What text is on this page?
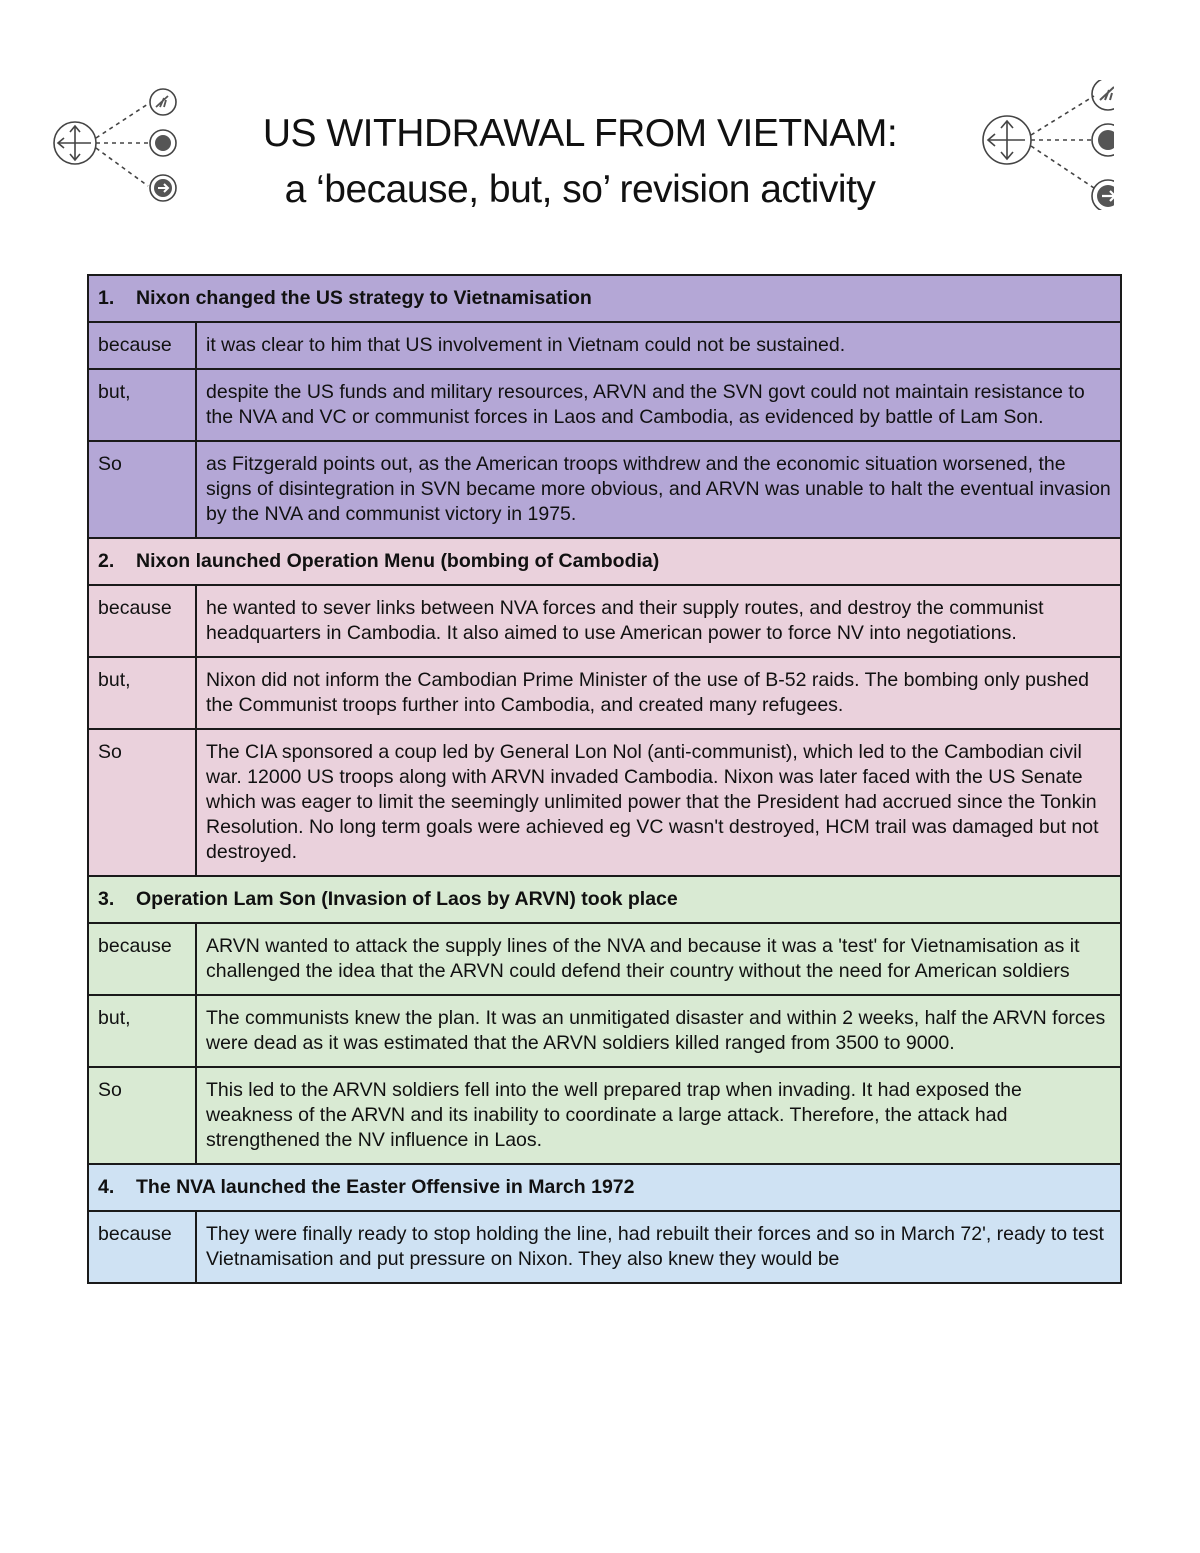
US WITHDRAWAL FROM VIETNAM:
a ‘because, but, so’ revision activity
1. Nixon changed the US strategy to Vietnamisation	
because	it was clear to him that US involvement in Vietnam could not be sustained.
but,	despite the US funds and military resources, ARVN and the SVN govt could not maintain resistance to the NVA and VC or communist forces in Laos and Cambodia, as evidenced by battle of Lam Son.
So	as Fitzgerald points out, as the American troops withdrew and the economic situation worsened, the signs of disintegration in SVN became more obvious, and ARVN was unable to halt the eventual invasion by the NVA and communist victory in 1975.
2. Nixon launched Operation Menu (bombing of Cambodia)	
because	he wanted to sever links between NVA forces and their supply routes, and destroy the communist headquarters in Cambodia. It also aimed to use American power to force NV into negotiations.
but,	Nixon did not inform the Cambodian Prime Minister of the use of B-52 raids. The bombing only pushed the Communist troops further into Cambodia, and created many refugees.
So	The CIA sponsored a coup led by General Lon Nol (anti-communist), which led to the Cambodian civil war. 12000 US troops along with ARVN invaded Cambodia. Nixon was later faced with the US Senate which was eager to limit the seemingly unlimited power that the President had accrued since the Tonkin Resolution. No long term goals were achieved eg VC wasn't destroyed, HCM trail was damaged but not destroyed.
3. Operation Lam Son (Invasion of Laos by ARVN) took place	
because	ARVN wanted to attack the supply lines of the NVA and because it was a 'test' for Vietnamisation as it challenged the idea that the ARVN could defend their country without the need for American soldiers
but,	The communists knew the plan. It was an unmitigated disaster and within 2 weeks, half the ARVN forces were dead as it was estimated that the ARVN soldiers killed ranged from 3500 to 9000.
So	This led to the ARVN soldiers fell into the well prepared trap when invading. It had exposed the weakness of the ARVN and its inability to coordinate a large attack. Therefore, the attack had strengthened the NV influence in Laos.
4. The NVA launched the Easter Offensive in March 1972	
because	They were finally ready to stop holding the line, had rebuilt their forces and so in March 72', ready to test Vietnamisation and put pressure on Nixon. They also knew they would be
